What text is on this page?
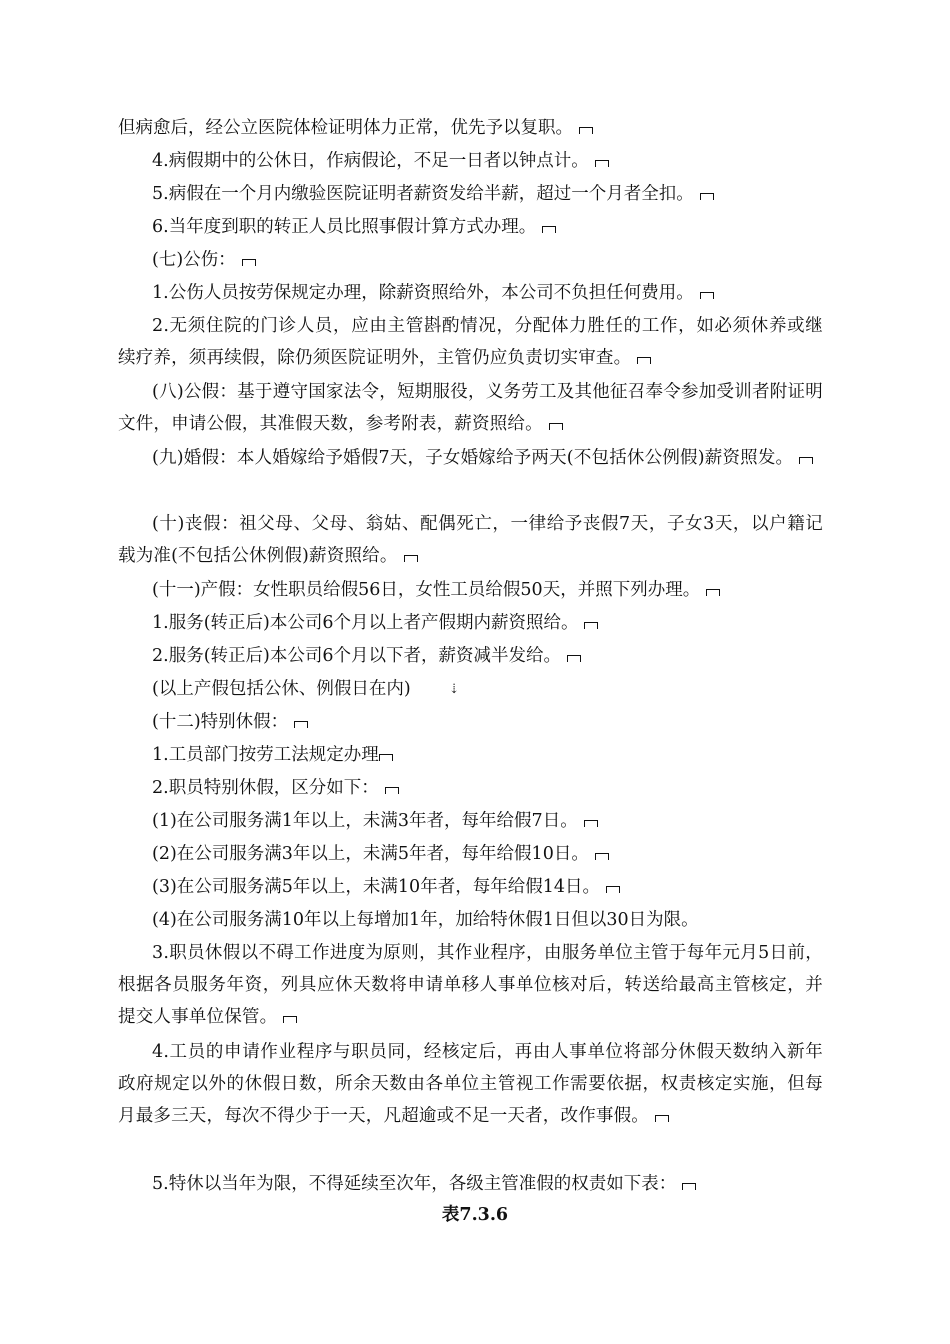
但病愈后，经公立医院体检证明体力正常，优先予以复职。

4.病假期中的公休日，作病假论，不足一日者以钟点计。

5.病假在一个月内缴验医院证明者薪资发给半薪，超过一个月者全扣。

6.当年度到职的转正人员比照事假计算方式办理。

(七)公伤：

1.公伤人员按劳保规定办理，除薪资照给外，本公司不负担任何费用。

2.无须住院的门诊人员，应由主管斟酌情况，分配体力胜任的工作，如必须休养或继续疗养，须再续假，除仍须医院证明外，主管仍应负责切实审查。

(八)公假：基于遵守国家法令，短期服役，义务劳工及其他征召奉令参加受训者附证明文件，申请公假，其准假天数，参考附表，薪资照给。

(九)婚假：本人婚嫁给予婚假7天，子女婚嫁给予两天(不包括休公例假)薪资照发。

(十)丧假：祖父母、父母、翁姑、配偶死亡，一律给予丧假7天，子女3天，以户籍记载为准(不包括公休例假)薪资照给。

(十一)产假：女性职员给假56日，女性工员给假50天，并照下列办理。

1.服务(转正后)本公司6个月以上者产假期内薪资照给。

2.服务(转正后)本公司6个月以下者，薪资减半发给。

(以上产假包括公休、例假日在内)	⇣

(十二)特别休假：

1.工员部门按劳工法规定办理

2.职员特别休假，区分如下：

(1)在公司服务满1年以上，未满3年者，每年给假7日。

(2)在公司服务满3年以上，未满5年者，每年给假10日。

(3)在公司服务满5年以上，未满10年者，每年给假14日。

(4)在公司服务满10年以上每增加1年，加给特休假1日但以30日为限。

3.职员休假以不碍工作进度为原则，其作业程序，由服务单位主管于每年元月5日前，根据各员服务年资，列具应休天数将申请单移人事单位核对后，转送给最高主管核定，并提交人事单位保管。

4.工员的申请作业程序与职员同，经核定后，再由人事单位将部分休假天数纳入新年政府规定以外的休假日数，所余天数由各单位主管视工作需要依据，权责核定实施，但每月最多三天，每次不得少于一天，凡超逾或不足一天者，改作事假。

5.特休以当年为限，不得延续至次年，各级主管准假的权责如下表：

表7.3.6
